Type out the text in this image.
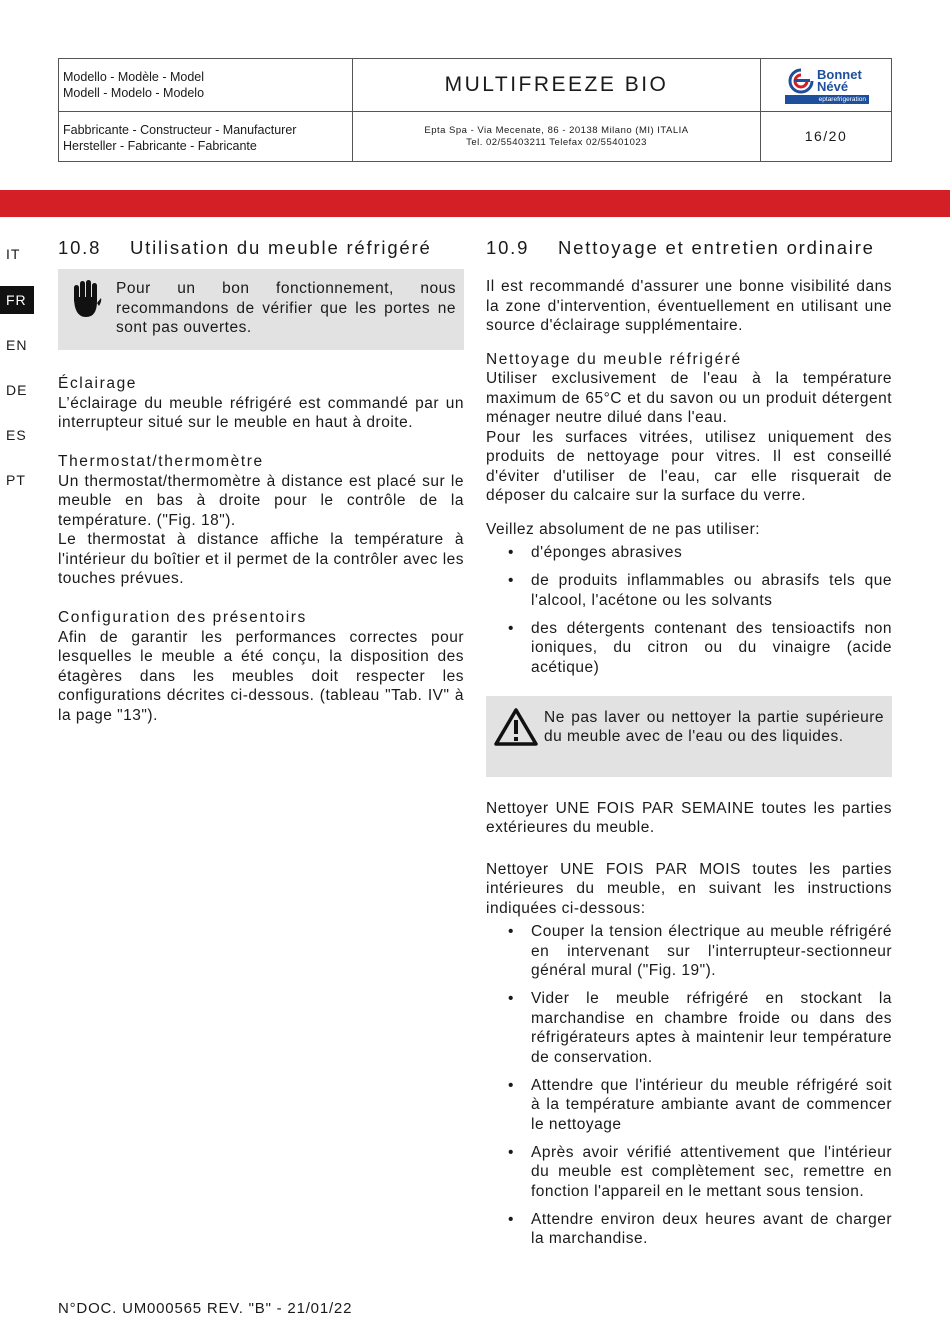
Modello - Modèle - Model
Modell - Modelo - Modelo	MULTIFREEZE BIO	Bonnet
Névé
eptarefrigeration
Fabbricante - Constructeur - Manufacturer
Hersteller - Fabricante - Fabricante
Epta Spa - Via Mecenate, 86 - 20138 Milano (MI) ITALIA
Tel. 02/55403211 Telefax 02/55401023	16/20
IT
FR
EN
DE
ES
PT
10.8 Utilisation du meuble réfrigéré
Pour un bon fonctionnement, nous recommandons de vérifier que les portes ne sont pas ouvertes.
Éclairage

L’éclairage du meuble réfrigéré est commandé par un interrupteur situé sur le meuble en haut à droite.

Thermostat/thermomètre

Un thermostat/thermomètre à distance est placé sur le meuble en bas à droite pour le contrôle de la température. ("Fig. 18").

Le thermostat à distance affiche la température à l'intérieur du boîtier et il permet de la contrôler avec les touches prévues.

Configuration des présentoirs

Afin de garantir les performances correctes pour lesquelles le meuble a été conçu, la disposition des étagères dans les meubles doit respecter les configurations décrites ci-dessous. (tableau "Tab. IV" à la page "13").

10.9 Nettoyage et entretien ordinaire

Il est recommandé d'assurer une bonne visibilité dans la zone d'intervention, éventuellement en utilisant une source d'éclairage supplémentaire.

Nettoyage du meuble réfrigéré

Utiliser exclusivement de l'eau à la température maximum de 65°C et du savon ou un produit détergent ménager neutre dilué dans l'eau.

Pour les surfaces vitrées, utilisez uniquement des produits de nettoyage pour vitres. Il est conseillé d'éviter d'utiliser de l'eau, car elle risquerait de déposer du calcaire sur la surface du verre.

Veillez absolument de ne pas utiliser:

• d'éponges abrasives
• de produits inflammables ou abrasifs tels que l'alcool, l'acétone ou les solvants
• des détergents contenant des tensioactifs non ioniques, du citron ou du vinaigre (acide acétique)
Ne pas laver ou nettoyer la partie supérieure du meuble avec de l'eau ou des liquides.

Nettoyer UNE FOIS PAR SEMAINE toutes les parties extérieures du meuble.

Nettoyer UNE FOIS PAR MOIS toutes les parties intérieures du meuble, en suivant les instructions indiquées ci-dessous:

• Couper la tension électrique au meuble réfrigéré en intervenant sur l'interrupteur-sectionneur général mural ("Fig. 19").
• Vider le meuble réfrigéré en stockant la marchandise en chambre froide ou dans des réfrigérateurs aptes à maintenir leur température de conservation.
• Attendre que l'intérieur du meuble réfrigéré soit à la température ambiante avant de commencer le nettoyage
• Après avoir vérifié attentivement que l'intérieur du meuble est complètement sec, remettre en fonction l'appareil en le mettant sous tension.
• Attendre environ deux heures avant de charger la marchandise.
N°DOC. UM000565 REV. "B" - 21/01/22
